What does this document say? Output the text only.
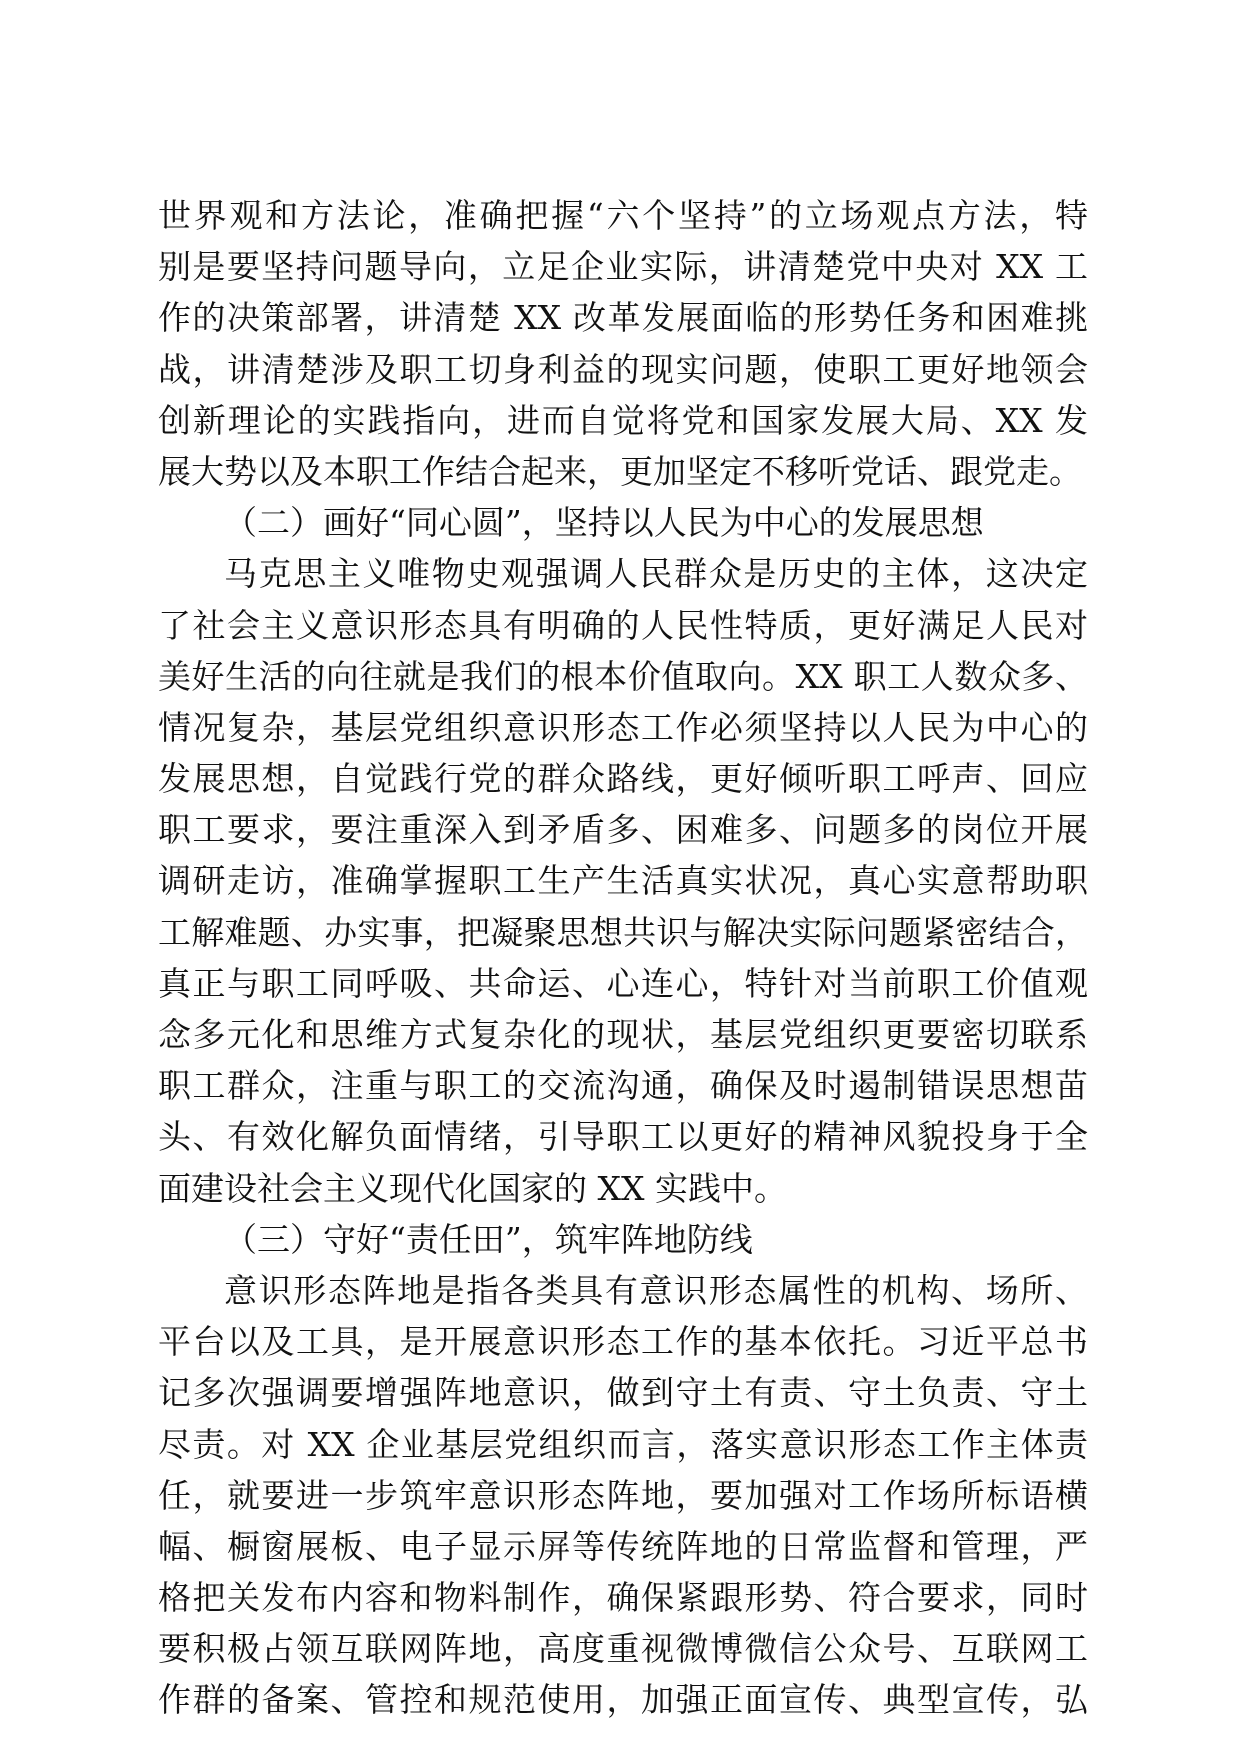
世界观和方法论，准确把握“六个坚持”的立场观点方法，特
别是要坚持问题导向，立足企业实际，讲清楚党中央对 XX 工
作的决策部署，讲清楚 XX 改革发展面临的形势任务和困难挑
战，讲清楚涉及职工切身利益的现实问题，使职工更好地领会
创新理论的实践指向，进而自觉将党和国家发展大局、XX 发
展大势以及本职工作结合起来，更加坚定不移听党话、跟党走。
（二）画好“同心圆”，坚持以人民为中心的发展思想
马克思主义唯物史观强调人民群众是历史的主体，这决定
了社会主义意识形态具有明确的人民性特质，更好满足人民对
美好生活的向往就是我们的根本价值取向。XX 职工人数众多、
情况复杂，基层党组织意识形态工作必须坚持以人民为中心的
发展思想，自觉践行党的群众路线，更好倾听职工呼声、回应
职工要求，要注重深入到矛盾多、困难多、问题多的岗位开展
调研走访，准确掌握职工生产生活真实状况，真心实意帮助职
工解难题、办实事，把凝聚思想共识与解决实际问题紧密结合，
真正与职工同呼吸、共命运、心连心，特针对当前职工价值观
念多元化和思维方式复杂化的现状，基层党组织更要密切联系
职工群众，注重与职工的交流沟通，确保及时遏制错误思想苗
头、有效化解负面情绪，引导职工以更好的精神风貌投身于全
面建设社会主义现代化国家的 XX 实践中。
（三）守好“责任田”，筑牢阵地防线
意识形态阵地是指各类具有意识形态属性的机构、场所、
平台以及工具，是开展意识形态工作的基本依托。习近平总书
记多次强调要增强阵地意识，做到守土有责、守土负责、守土
尽责。对 XX 企业基层党组织而言，落实意识形态工作主体责
任，就要进一步筑牢意识形态阵地，要加强对工作场所标语横
幅、橱窗展板、电子显示屏等传统阵地的日常监督和管理，严
格把关发布内容和物料制作，确保紧跟形势、符合要求，同时
要积极占领互联网阵地，高度重视微博微信公众号、互联网工
作群的备案、管控和规范使用，加强正面宣传、典型宣传，弘
